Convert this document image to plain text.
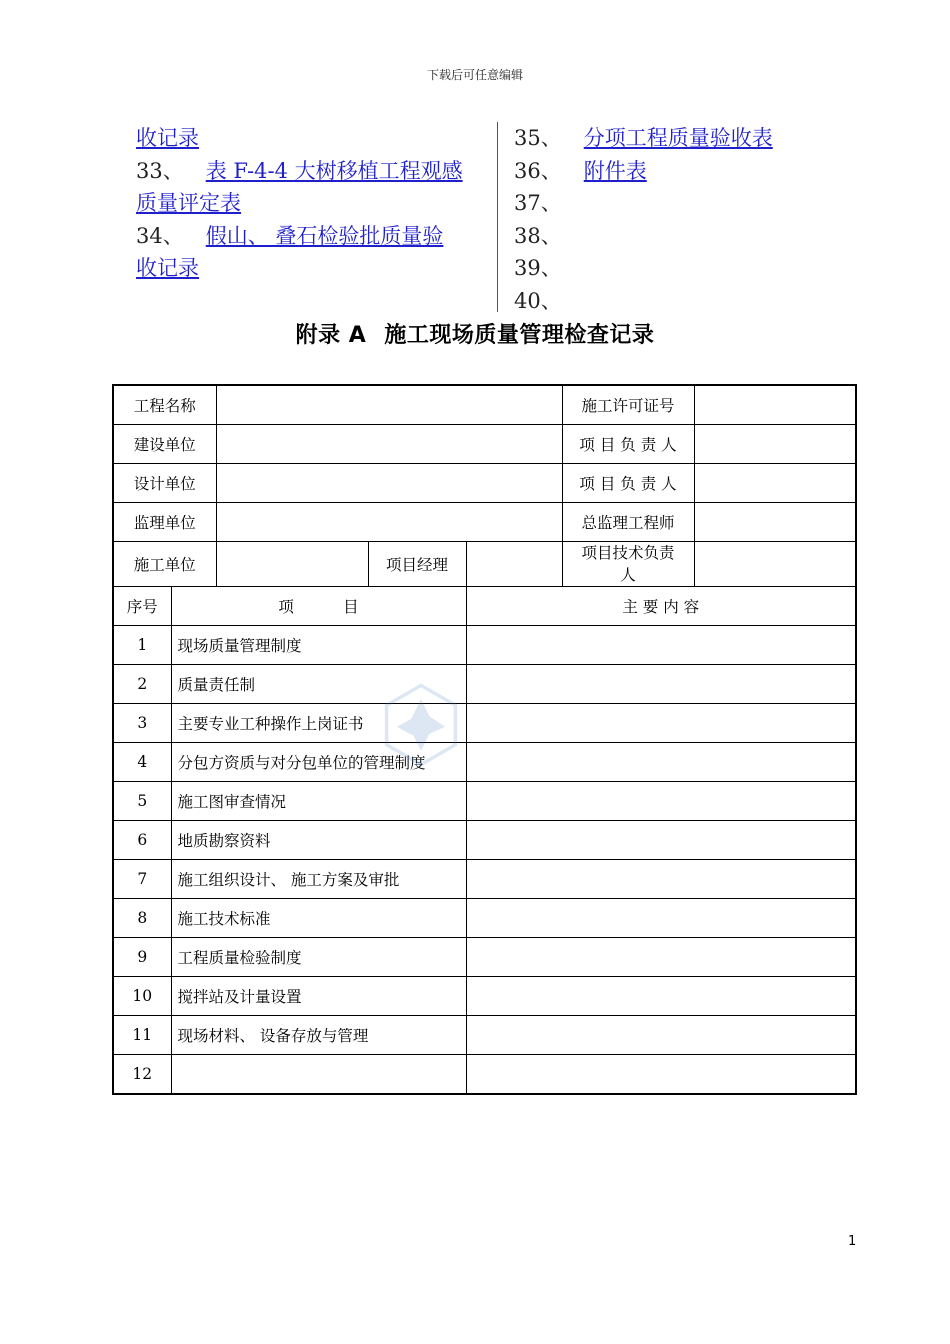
下载后可任意编辑
收记录
33、 表 F-4-4 大树移植工程观感
质量评定表
34、 假山、 叠石检验批质量验
收记录
35、 分项工程质量验收表
36、 附件表
37、
38、
39、
40、
附录 A 施工现场质量管理检查记录
工程名称					施工许可证号	
建设单位					项 目 负 责 人	
设计单位					项 目 负 责 人	
监理单位					总监理工程师	
施工单位			项目经理		项目技术负责
人	
序号	项          目			主 要 内 容		
1	现场质量管理制度					
2	质量责任制					
3	主要专业工种操作上岗证书					
4	分包方资质与对分包单位的管理制度					
5	施工图审查情况					
6	地质勘察资料					
7	施工组织设计、 施工方案及审批					
8	施工技术标准					
9	工程质量检验制度					
10	搅拌站及计量设置					
11	现场材料、 设备存放与管理					
12						
1
